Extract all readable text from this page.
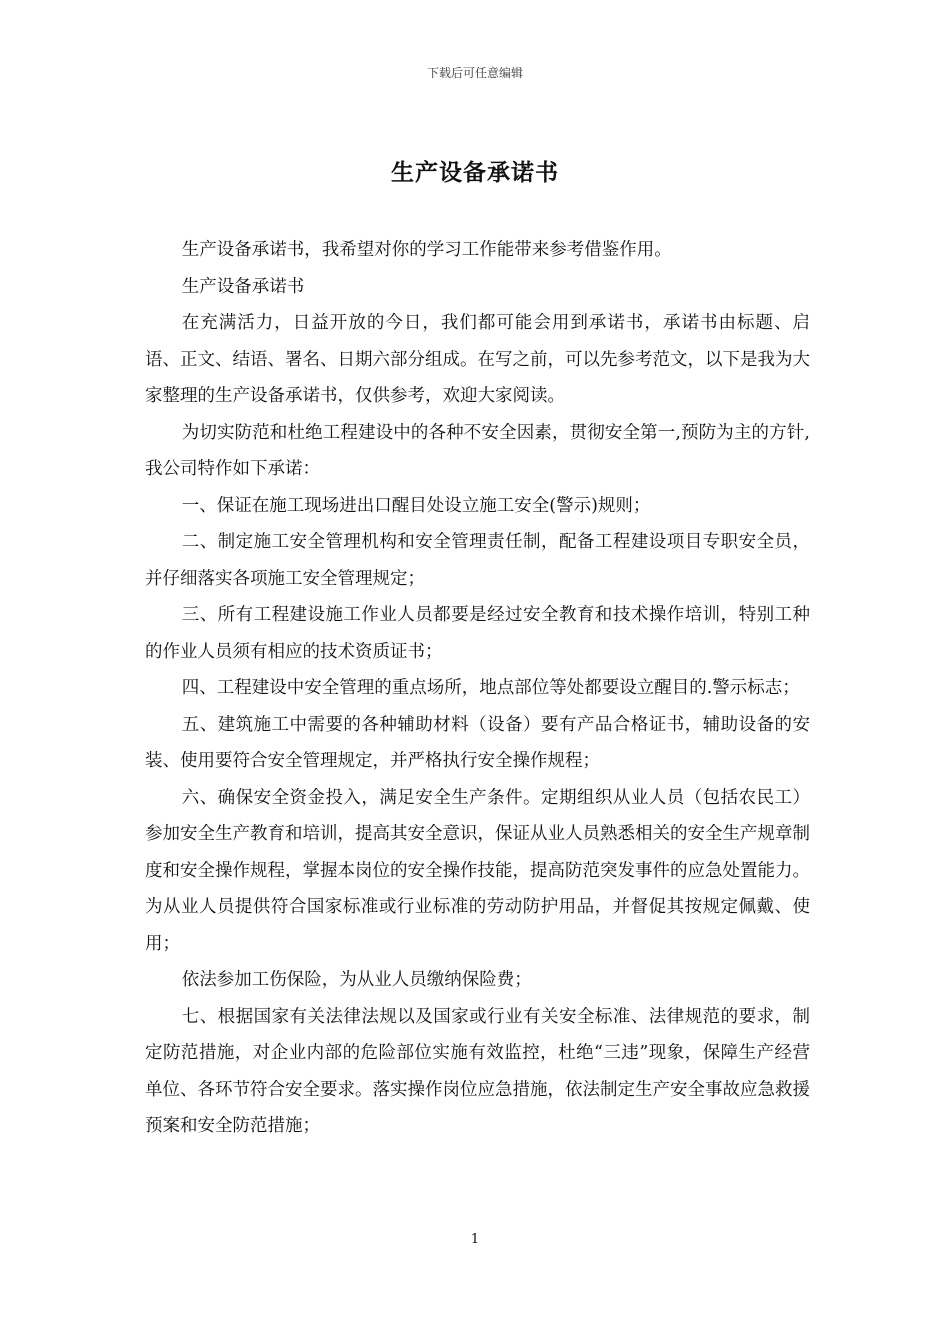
下载后可任意编辑
生产设备承诺书

生产设备承诺书，我希望对你的学习工作能带来参考借鉴作用。

生产设备承诺书

在充满活力，日益开放的今日，我们都可能会用到承诺书，承诺书由标题、启语、正文、结语、署名、日期六部分组成。在写之前，可以先参考范文，以下是我为大家整理的生产设备承诺书，仅供参考，欢迎大家阅读。

为切实防范和杜绝工程建设中的各种不安全因素，贯彻安全第一,预防为主的方针,我公司特作如下承诺：

一、保证在施工现场进出口醒目处设立施工安全(警示)规则；

二、制定施工安全管理机构和安全管理责任制，配备工程建设项目专职安全员，并仔细落实各项施工安全管理规定；

三、所有工程建设施工作业人员都要是经过安全教育和技术操作培训，特别工种的作业人员须有相应的技术资质证书；

四、工程建设中安全管理的重点场所，地点部位等处都要设立醒目的.警示标志；

五、建筑施工中需要的各种辅助材料（设备）要有产品合格证书，辅助设备的安装、使用要符合安全管理规定，并严格执行安全操作规程；

六、确保安全资金投入，满足安全生产条件。定期组织从业人员（包括农民工）参加安全生产教育和培训，提高其安全意识，保证从业人员熟悉相关的安全生产规章制度和安全操作规程，掌握本岗位的安全操作技能，提高防范突发事件的应急处置能力。为从业人员提供符合国家标准或行业标准的劳动防护用品，并督促其按规定佩戴、使用；

依法参加工伤保险，为从业人员缴纳保险费；

七、根据国家有关法律法规以及国家或行业有关安全标准、法律规范的要求，制定防范措施，对企业内部的危险部位实施有效监控，杜绝“三违”现象，保障生产经营单位、各环节符合安全要求。落实操作岗位应急措施，依法制定生产安全事故应急救援预案和安全防范措施；

1
